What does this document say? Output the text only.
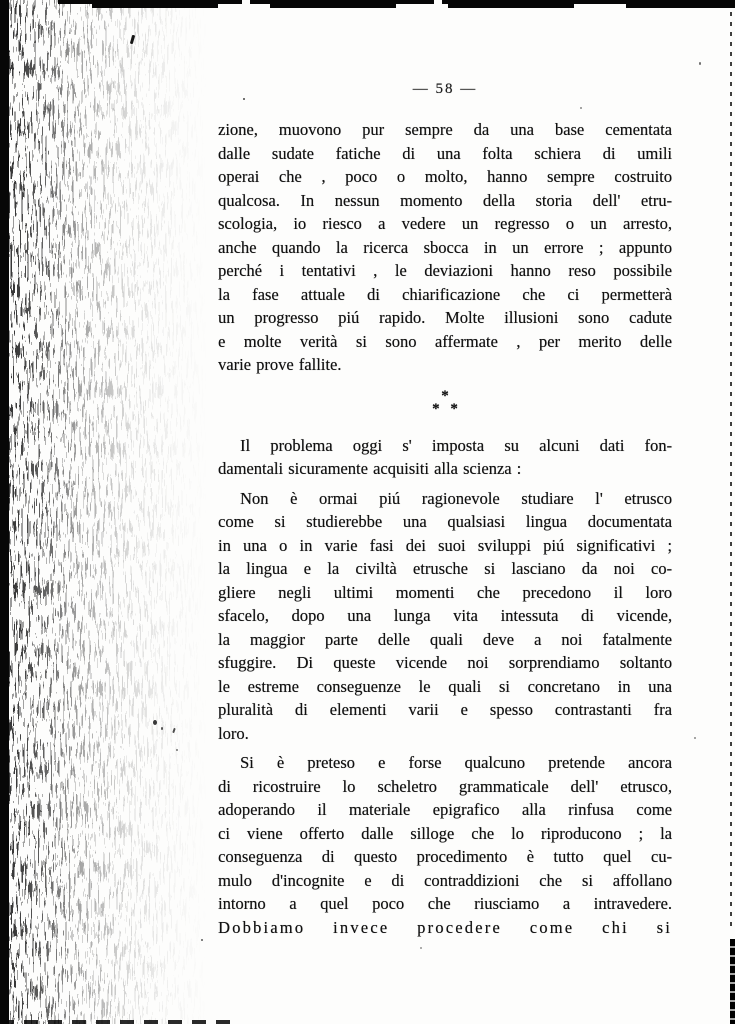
— 58 —
zione, muovono pur sempre da una base cementata
dalle sudate fatiche di una folta schiera di umili
operai che , poco o molto, hanno sempre costruito
qualcosa. In nessun momento della storia dell' etru-
scologia, io riesco a vedere un regresso o un arresto,
anche quando la ricerca sbocca in un errore ; appunto
perché i tentativi , le deviazioni hanno reso possibile
la fase attuale di chiarificazione che ci permetterà
un progresso piú rapido. Molte illusioni sono cadute
e molte verità si sono affermate , per merito delle
varie prove fallite.
*
* *
Il problema oggi s' imposta su alcuni dati fon-
damentali sicuramente acquisiti alla scienza :
Non è ormai piú ragionevole studiare l' etrusco
come si studierebbe una qualsiasi lingua documentata
in una o in varie fasi dei suoi sviluppi piú significativi ;
la lingua e la civiltà etrusche si lasciano da noi co-
gliere negli ultimi momenti che precedono il loro
sfacelo, dopo una lunga vita intessuta di vicende,
la maggior parte delle quali deve a noi fatalmente
sfuggire. Di queste vicende noi sorprendiamo soltanto
le estreme conseguenze le quali si concretano in una
pluralità di elementi varii e spesso contrastanti fra
loro.
Si è preteso e forse qualcuno pretende ancora
di ricostruire lo scheletro grammaticale dell' etrusco,
adoperando il materiale epigrafico alla rinfusa come
ci viene offerto dalle silloge che lo riproducono ; la
conseguenza di questo procedimento è tutto quel cu-
mulo d'incognite e di contraddizioni che si affollano
intorno a quel poco che riusciamo a intravedere.
Dobbiamo invece procedere come chi si
